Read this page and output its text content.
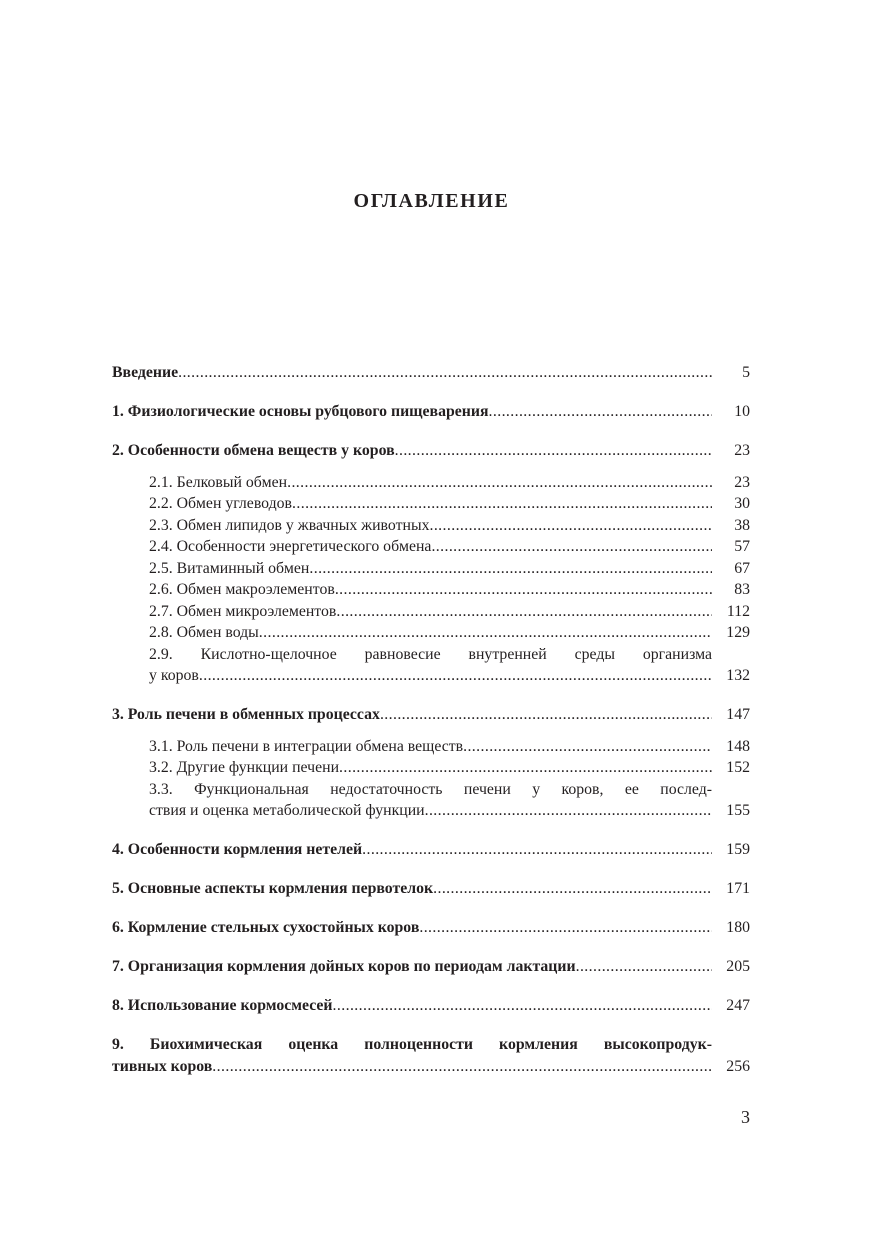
ОГЛАВЛЕНИЕ
Введение .....	5
1. Физиологические основы рубцового пищеварения .....	10
2. Особенности обмена веществ у коров .....	23
2.1. Белковый обмен .....	23
2.2. Обмен углеводов .....	30
2.3. Обмен липидов у жвачных животных .....	38
2.4. Особенности энергетического обмена .....	57
2.5. Витаминный обмен .....	67
2.6. Обмен макроэлементов .....	83
2.7. Обмен микроэлементов .....	112
2.8. Обмен воды .....	129
2.9. Кислотно-щелочное равновесие внутренней среды организма
у коров .....	132
3. Роль печени в обменных процессах .....	147
3.1. Роль печени в интеграции обмена веществ .....	148
3.2. Другие функции печени .....	152
3.3. Функциональная недостаточность печени у коров, ее послед-
ствия и оценка метаболической функции .....	155
4. Особенности кормления нетелей .....	159
5. Основные аспекты кормления первотелок .....	171
6. Кормление стельных сухостойных коров .....	180
7. Организация кормления дойных коров по периодам лактации .....	205
8. Использование кормосмесей .....	247
9. Биохимическая оценка полноценности кормления высокопродук-
тивных коров .....	256
3
